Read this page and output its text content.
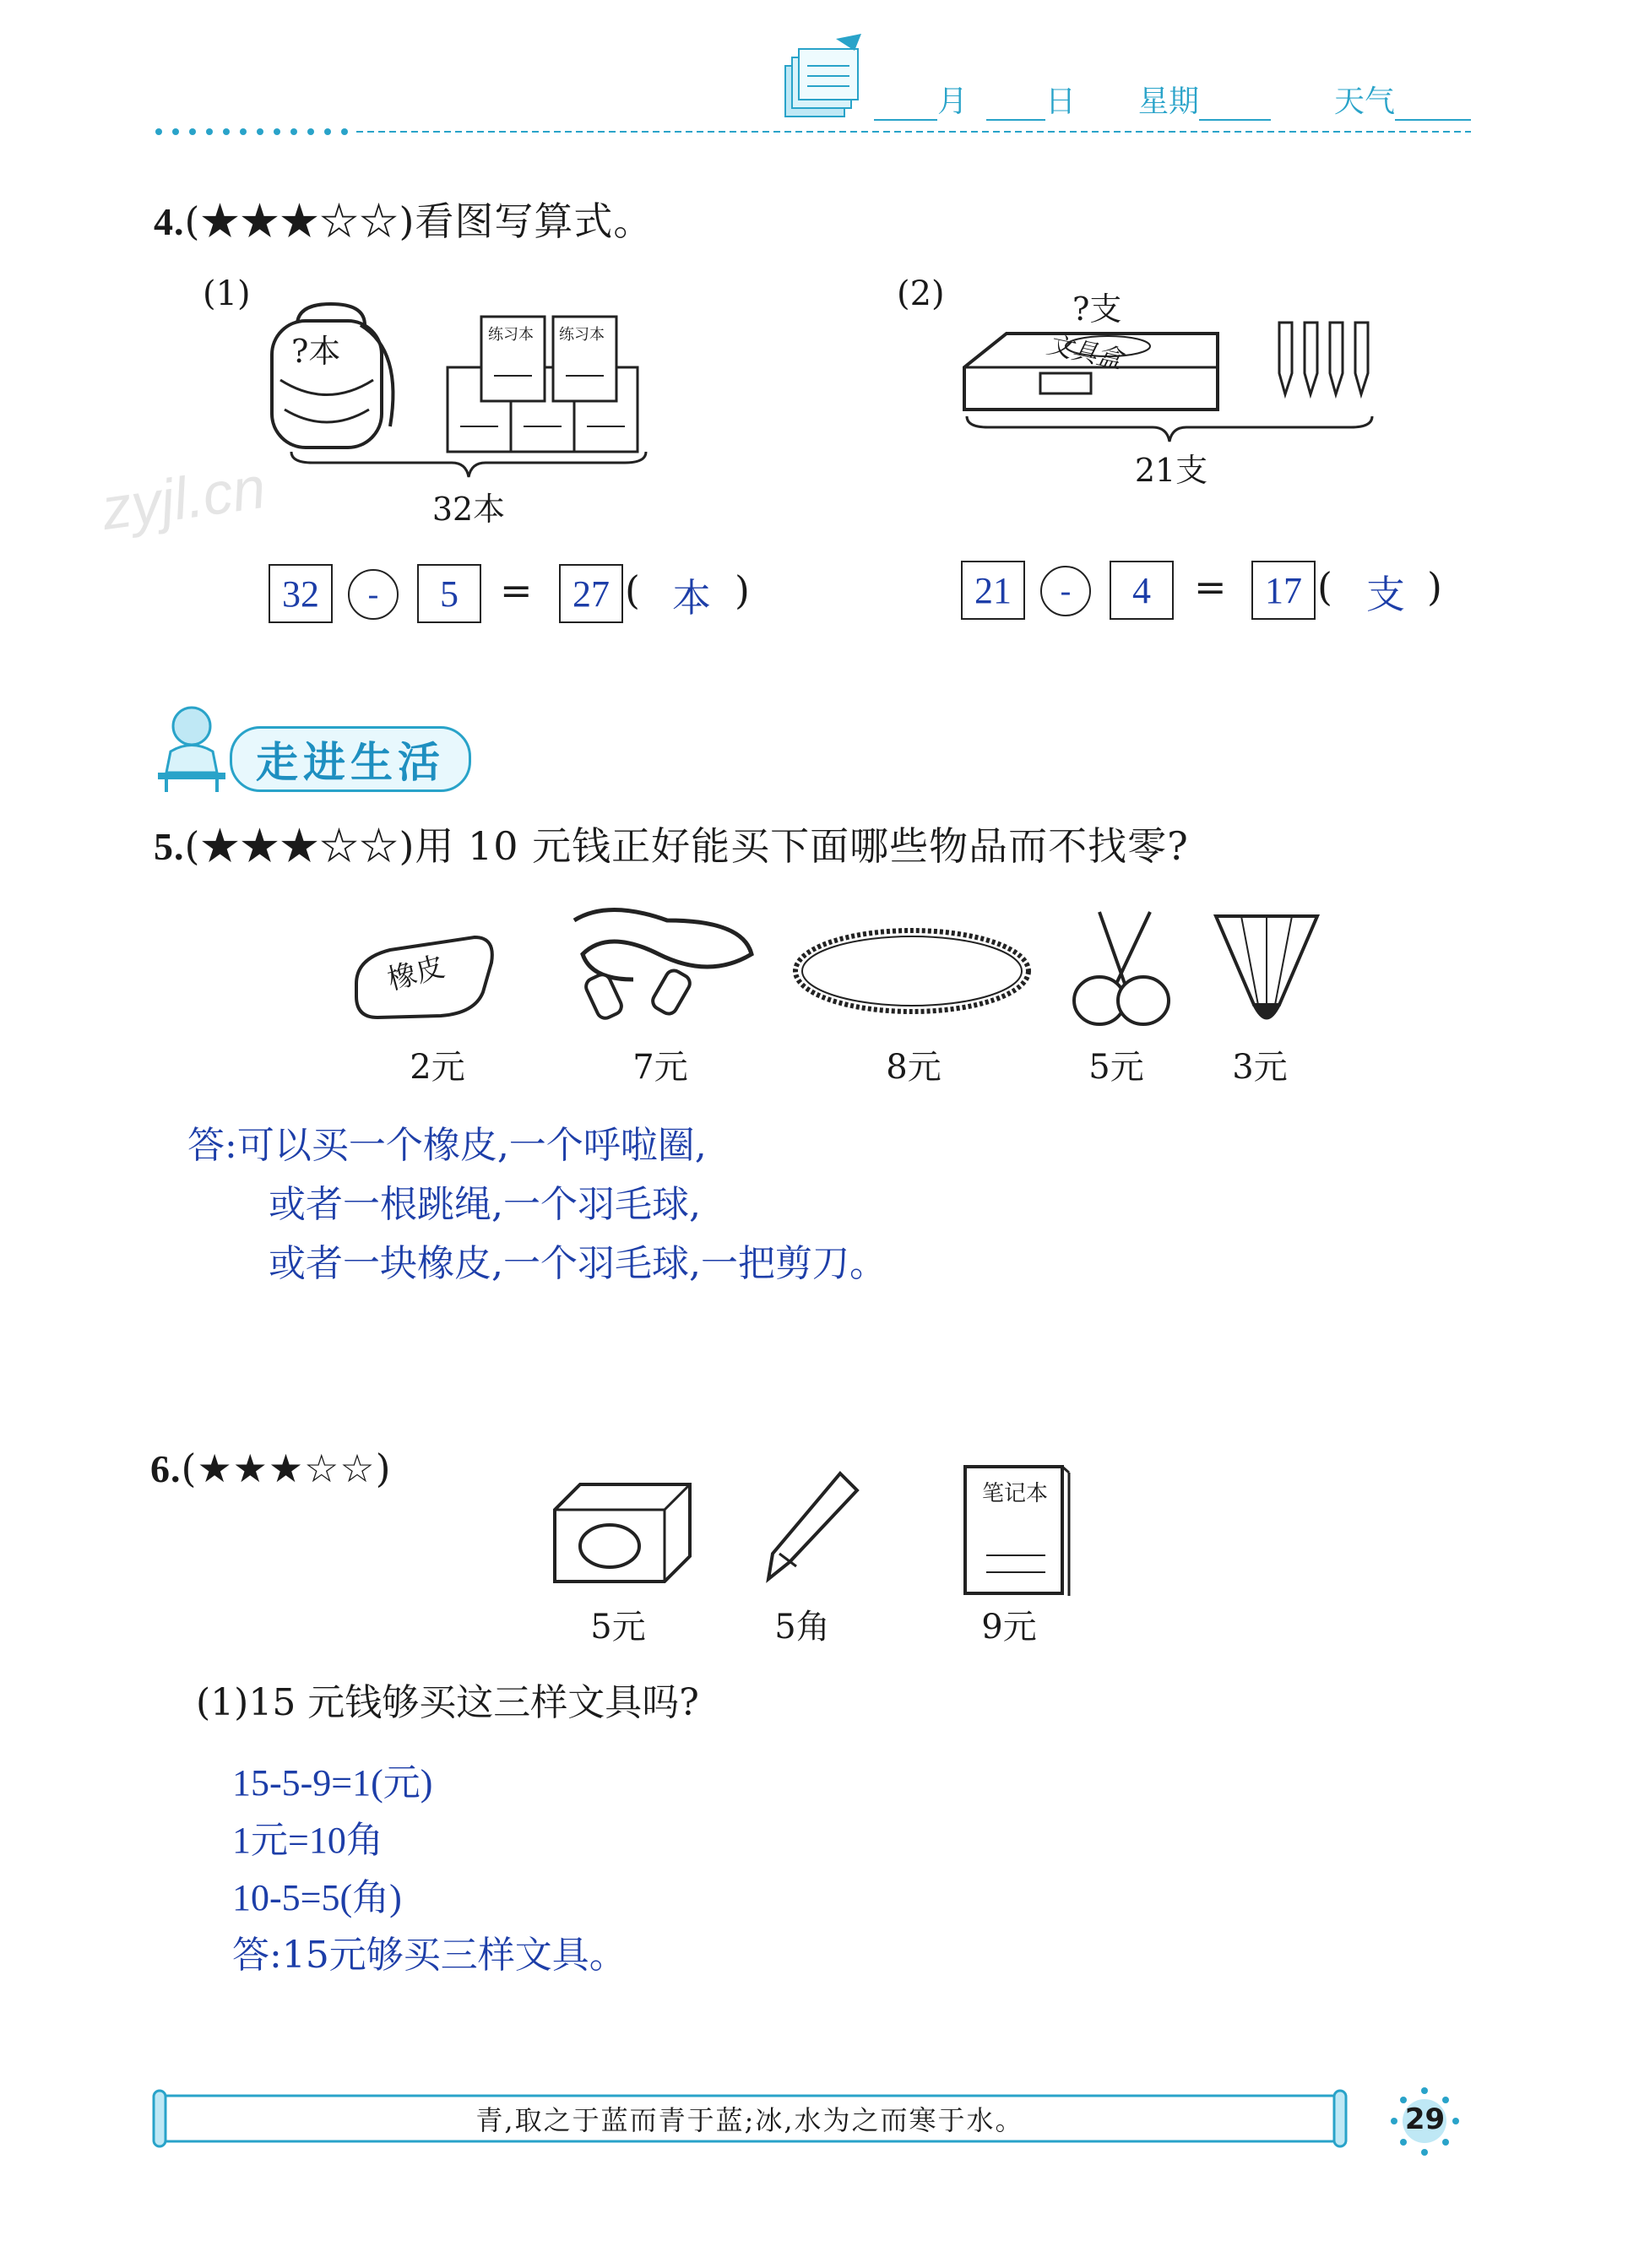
月	日 星期	天气
4.(★★★☆☆)看图写算式。
(1)
?本	练习本 练习本
32本
32	-	5	=	27 ( 本 )
zyjl.cn
(2)	?支
文具盒
21支
21	-	4	=	17 ( 支 )
走进生活
5.(★★★☆☆)用 10 元钱正好能买下面哪些物品而不找零?
橡皮
2元	7元	8元	5元	3元
答:可以买一个橡皮,一个呼啦圈,
或者一根跳绳,一个羽毛球,
或者一块橡皮,一个羽毛球,一把剪刀。
6.(★★★☆☆)
笔记本
5元	5角	9元
(1)15 元钱够买这三样文具吗?
15-5-9=1(元)
1元=10角
10-5=5(角)
答:15元够买三样文具。
青,取之于蓝而青于蓝;冰,水为之而寒于水。	29
